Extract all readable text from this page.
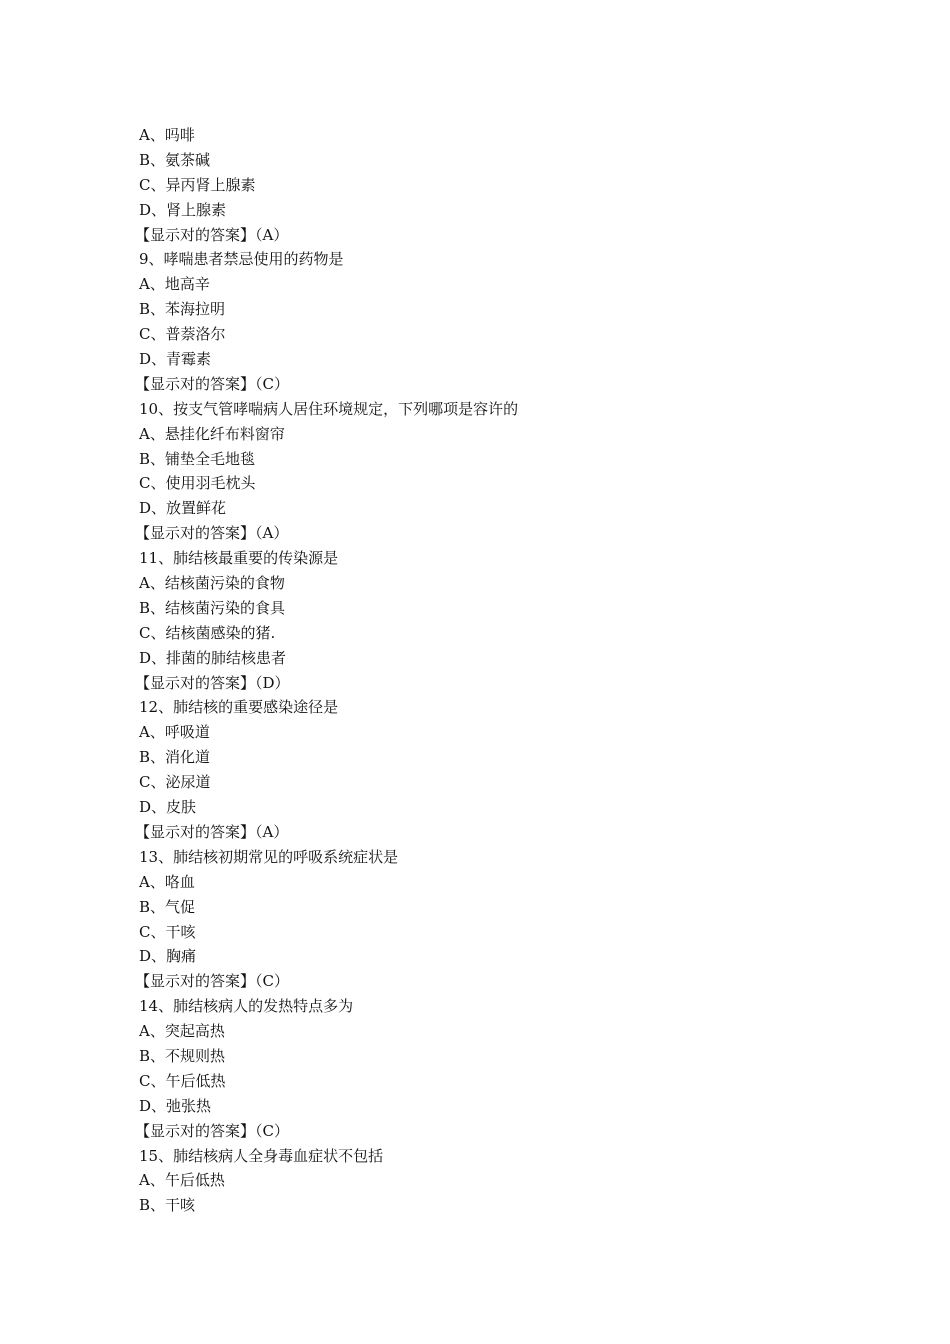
A、吗啡
B、氨茶碱
C、异丙肾上腺素
D、肾上腺素
【显示对的答案】（A）
9、哮喘患者禁忌使用的药物是
A、地高辛
B、苯海拉明
C、普萘洛尔
D、青霉素
【显示对的答案】（C）
10、按支气管哮喘病人居住环境规定，下列哪项是容许的
A、悬挂化纤布料窗帘
B、铺垫全毛地毯
C、使用羽毛枕头
D、放置鲜花
【显示对的答案】（A）
11、肺结核最重要的传染源是
A、结核菌污染的食物
B、结核菌污染的食具
C、结核菌感染的猪.
D、排菌的肺结核患者
【显示对的答案】（D）
12、肺结核的重要感染途径是
A、呼吸道
B、消化道
C、泌尿道
D、皮肤
【显示对的答案】（A）
13、肺结核初期常见的呼吸系统症状是
A、咯血
B、气促
C、干咳
D、胸痛
【显示对的答案】（C）
14、肺结核病人的发热特点多为
A、突起高热
B、不规则热
C、午后低热
D、弛张热
【显示对的答案】（C）
15、肺结核病人全身毒血症状不包括
A、午后低热
B、干咳
